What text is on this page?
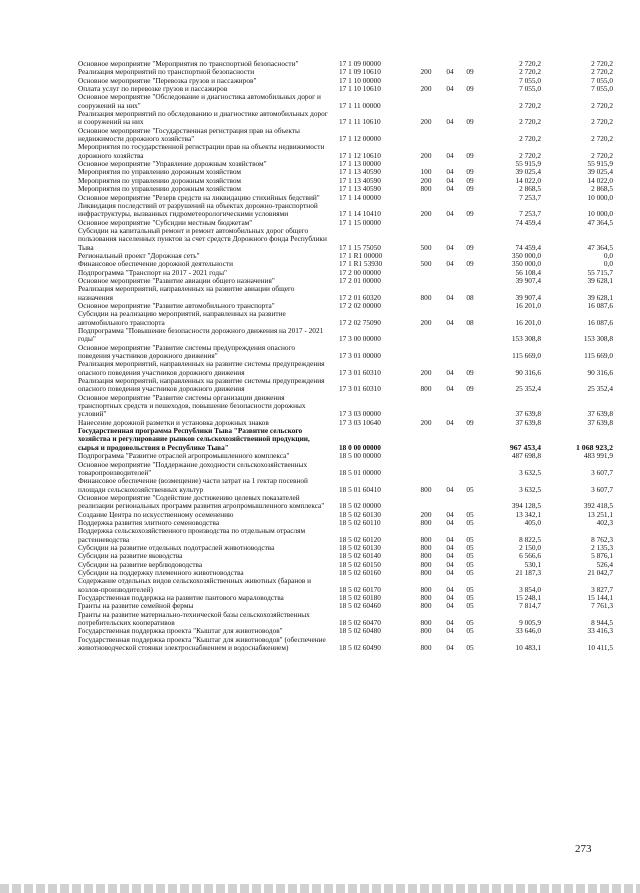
Основное мероприятие "Мероприятия по транспортной безопасности"	17 1 09 00000	2 720,2	2 720,2
Реализация мероприятий по транспортной безопасности	17 1 09 10610	200	04	09	2 720,2	2 720,2
Основное мероприятие "Перевозка грузов и пассажиров"	17 1 10 00000	7 055,0	7 055,0
Оплата услуг по перевозке грузов и пассажиров	17 1 10 10610	200	04	09	7 055,0	7 055,0
Основное мероприятие "Обследование и диагностика автомобильных дорог и сооружений на них"	17 1 11 00000	2 720,2	2 720,2
Реализация мероприятий по обследованию и диагностике автомобильных дорог и сооружений на них	17 1 11 10610	200	04	09	2 720,2	2 720,2
Основное мероприятие "Государственная регистрация прав на объекты недвижимости дорожного хозяйства"	17 1 12 00000	2 720,2	2 720,2
Мероприятия по государственной регистрации прав на объекты недвижимости дорожного хозяйства	17 1 12 10610	200	04	09	2 720,2	2 720,2
Основное мероприятие "Управление дорожным хозяйством"	17 1 13 00000	55 915,9	55 915,9
Мероприятия по управлению дорожным хозяйством	17 1 13 40590	100	04	09	39 025,4	39 025,4
Мероприятия по управлению дорожным хозяйством	17 1 13 40590	200	04	09	14 022,0	14 022,0
Мероприятия по управлению дорожным хозяйством	17 1 13 40590	800	04	09	2 868,5	2 868,5
Основное мероприятие "Резерв средств на ликвидацию стихийных бедствий"	17 1 14 00000	7 253,7	10 000,0
Ликвидация последствий от разрушений на объектах дорожно-транспортной инфраструктуры, вызванных гидрометеорологическими условиями	17 1 14 10410	200	04	09	7 253,7	10 000,0
Основное мероприятие "Субсидии местным бюджетам"	17 1 15 00000	74 459,4	47 364,5
Субсидии на капитальный ремонт и ремонт автомобильных дорог общего пользования населенных пунктов за счет средств Дорожного фонда Республики Тыва	17 1 15 75050	500	04	09	74 459,4	47 364,5
Региональный проект "Дорожная сеть"	17 1 R1 00000	350 000,0	0,0
Финансовое обеспечение дорожной деятельности	17 1 R1 53930	500	04	09	350 000,0	0,0
Подпрограмма "Транспорт на 2017 - 2021 годы"	17 2 00 00000	56 108,4	55 715,7
Основное мероприятие "Развитие авиации общего назначения"	17 2 01 00000	39 907,4	39 628,1
Реализация мероприятий, направленных на развитие авиации общего назначения	17 2 01 60320	800	04	08	39 907,4	39 628,1
Основное мероприятие "Развитие автомобильного транспорта"	17 2 02 00000	16 201,0	16 087,6
Субсидии на реализацию мероприятий, направленных на развитие автомобильного транспорта	17 2 02 75090	200	04	08	16 201,0	16 087,6
Подпрограмма "Повышение безопасности дорожного движения на 2017 - 2021 годы"	17 3 00 00000	153 308,8	153 308,8
Основное мероприятие "Развитие системы предупреждения опасного поведения участников дорожного движения"	17 3 01 00000	115 669,0	115 669,0
Реализация мероприятий, направленных на развитие системы предупреждения опасного поведения участников дорожного движения	17 3 01 60310	200	04	09	90 316,6	90 316,6
Реализация мероприятий, направленных на развитие системы предупреждения опасного поведения участников дорожного движения	17 3 01 60310	800	04	09	25 352,4	25 352,4
Основное мероприятие "Развитие системы организации движения транспортных средств и пешеходов, повышение безопасности дорожных условий"	17 3 03 00000	37 639,8	37 639,8
Нанесение дорожной разметки и установка дорожных знаков	17 3 03 10640	200	04	09	37 639,8	37 639,8
Государственная программа Республики Тыва "Развитие сельского хозяйства и регулирование рынков сельскохозяйственной продукции, сырья и продовольствия в Республике Тыва"	18 0 00 00000	967 453,4	1 068 923,2
Подпрограмма "Развитие отраслей агропромышленного комплекса"	18 5 00 00000	487 698,8	483 991,9
Основное мероприятие "Поддержание доходности сельскохозяйственных товаропроизводителей"	18 5 01 00000	3 632,5	3 607,7
Финансовое обеспечение (возмещение) части затрат на 1 гектар посевной площади сельскохозяйственных культур	18 5 01 60410	800	04	05	3 632,5	3 607,7
Основное мероприятие "Содействие достижению целевых показателей реализации региональных программ развития агропромышленного комплекса"	18 5 02 00000	394 128,5	392 418,5
Создание Центра по искусственному осеменению	18 5 02 60130	200	04	05	13 342,1	13 251,1
Поддержка развития элитного семеноводства	18 5 02 60110	800	04	05	405,0	402,3
Поддержка сельскохозяйственного производства по отдельным отраслям растениеводства	18 5 02 60120	800	04	05	8 822,5	8 762,3
Субсидии на развитие отдельных подотраслей животноводства	18 5 02 60130	800	04	05	2 150,0	2 135,3
Субсидии на развитие яководства	18 5 02 60140	800	04	05	6 566,6	5 876,1
Субсидии на развитие верблюдоводства	18 5 02 60150	800	04	05	530,1	526,4
Субсидии на поддержку племенного животноводства	18 5 02 60160	800	04	05	21 187,3	21 042,7
Содержание отдельных видов сельскохозяйственных животных (баранов и козлов-производителей)	18 5 02 60170	800	04	05	3 854,0	3 827,7
Государственная поддержка на развитие пантового мараловодства	18 5 02 60180	800	04	05	15 248,1	15 144,1
Гранты на развитие семейной фермы	18 5 02 60460	800	04	05	7 814,7	7 761,3
Гранты на развитие материально-технической базы сельскохозяйственных потребительских кооперативов	18 5 02 60470	800	04	05	9 005,9	8 944,5
Государственная поддержка проекта "Кыштаг для животноводов"	18 5 02 60480	800	04	05	33 646,0	33 416,3
Государственная поддержка проекта "Кыштаг для животноводов" (обеспечение животноводческой стоянки электроснабжением и водоснабжением)	18 5 02 60490	800	04	05	10 483,1	10 411,5
273
